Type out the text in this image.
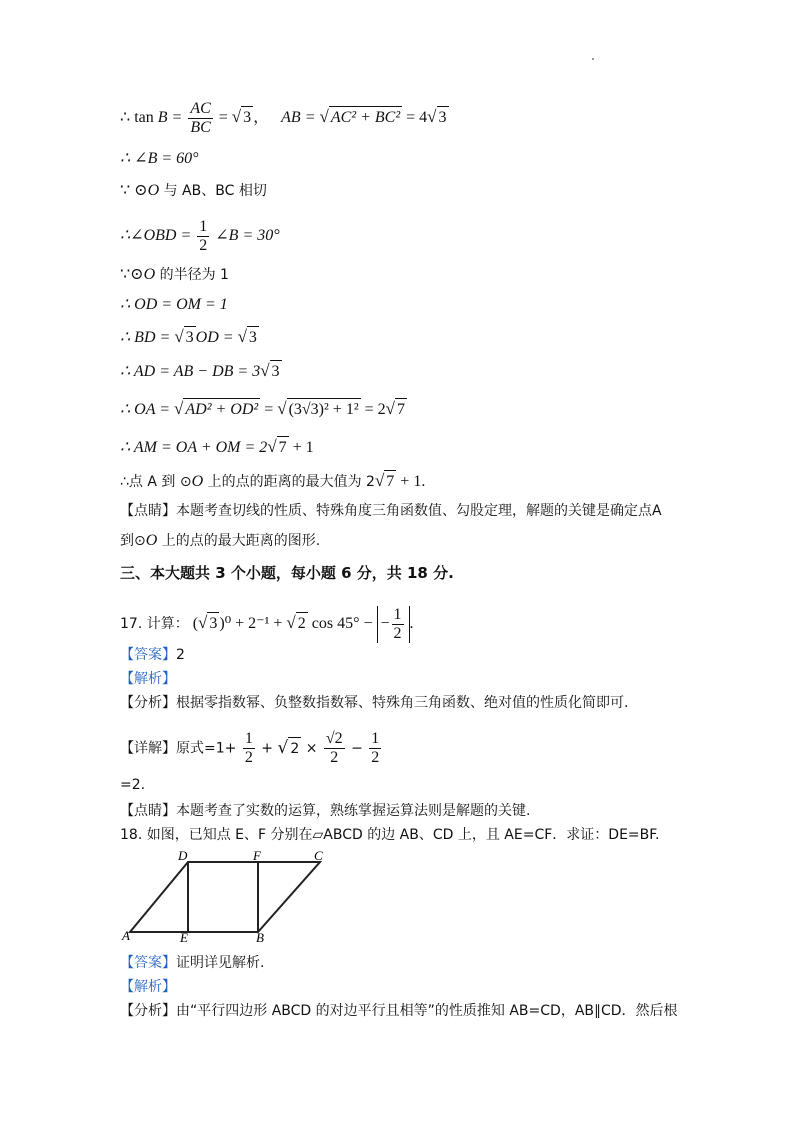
∴ $\tan B = \frac{AC}{BC}$ = √ 3 ， AB = √ AC² + BC² = 4√ 3
∴ ∠B = 60°
∵ ⊙O 与 AB、BC 相切
∴∠OBD = $\frac{1}{2}$ ∠B = 30°
∵⊙O 的半径为 1
∴ OD = OM = 1
∴ BD = √ 3 OD = √ 3
∴ AD = AB − DB = 3√ 3
∴ OA = √ AD² + OD² = √ (3√3)² + 1² = 2√ 7
∴ AM = OA + OM = 2√ 7 + 1
∴点 A 到 ⊙O 上的点的距离的最大值为 2√ 7 + 1.
【点睛】本题考查切线的性质、特殊角度三角函数值、勾股定理，解题的关键是确定点A
到⊙O 上的点的最大距离的图形.
三、本大题共 3 个小题，每小题 6 分，共 18 分.
17. 计算： (√ 3 )⁰ + 2⁻¹ + √ 2 cos 45° − − $\frac{1}{2}$ .
【答案】2
【解析】
【分析】根据零指数幂、负整数指数幂、特殊角三角函数、绝对值的性质化简即可.
【详解】原式$=1+ \frac{1}{2}$ + √ $2 \times \frac{√2}{2} - \frac{1}{2}$
=2.
【点睛】本题考查了实数的运算，熟练掌握运算法则是解题的关键.
18. 如图，已知点 E、F 分别在▱ABCD 的边 AB、CD 上，且 AE=CF．求证：DE=BF.
A	E	B
D	F	C
【答案】证明详见解析.
【解析】
【分析】由“平行四边形 ABCD 的对边平行且相等”的性质推知 AB=CD，AB∥CD．然后根
